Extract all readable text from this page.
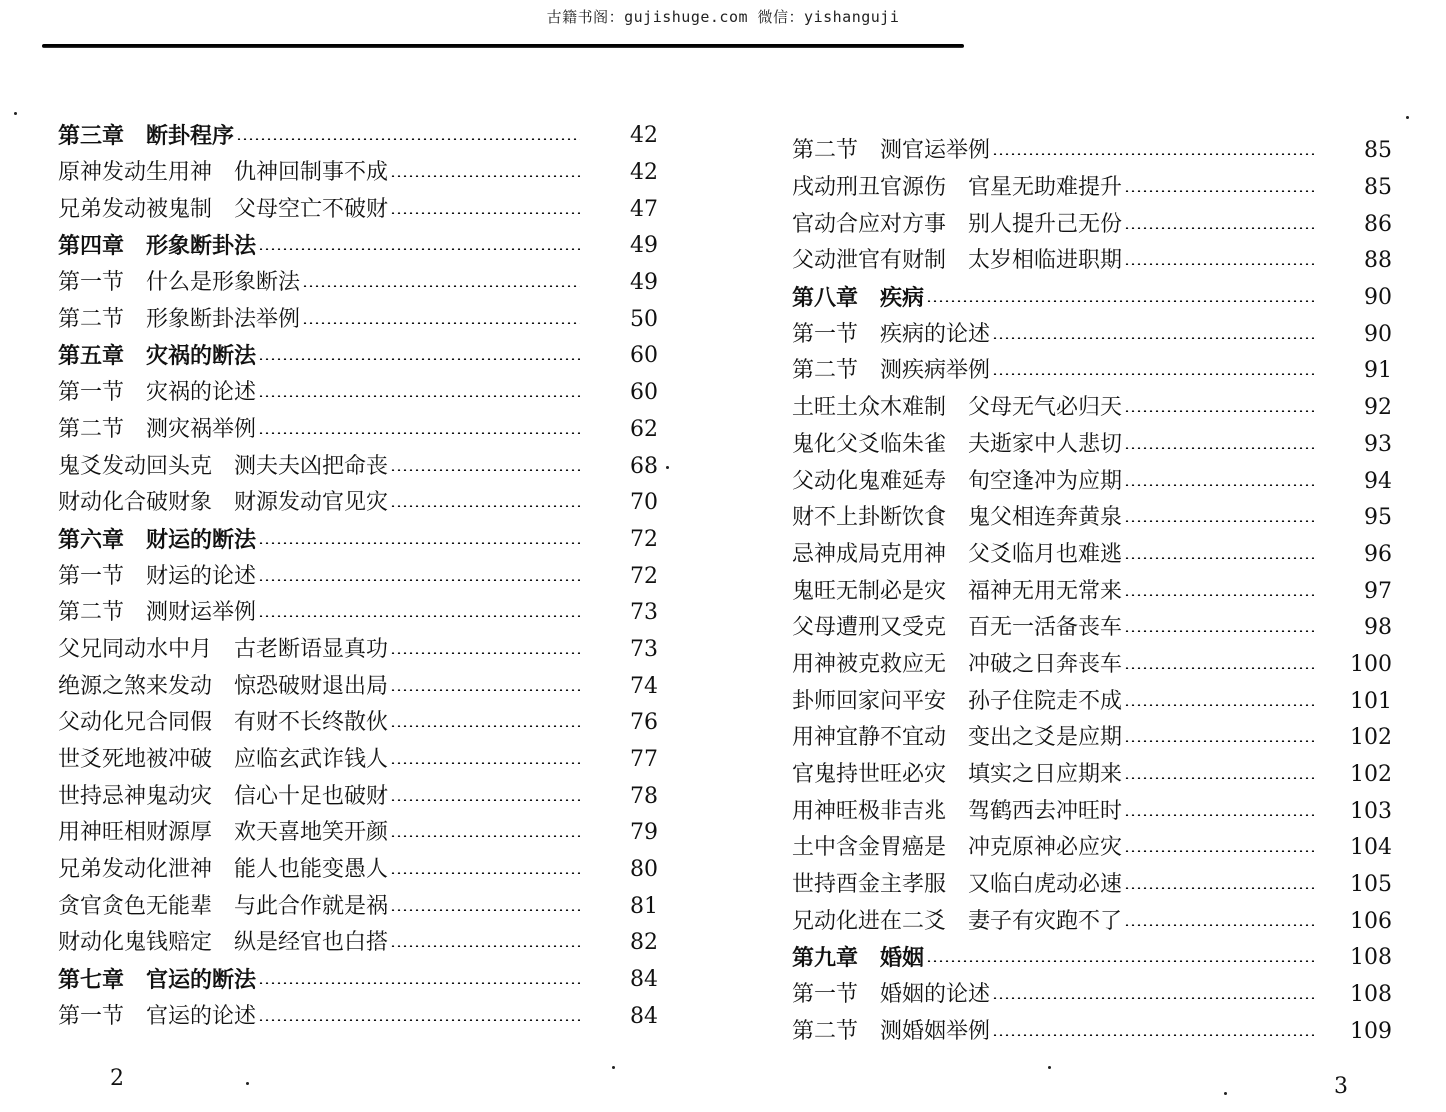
古籍书阁：gujishuge.com 微信：yishanguji
第三章　断卦程序	42
原神发动生用神　仇神回制事不成	42
兄弟发动被鬼制　父母空亡不破财	47
第四章　形象断卦法	49
第一节　什么是形象断法	49
第二节　形象断卦法举例	50
第五章　灾祸的断法	60
第一节　灾祸的论述	60
第二节　测灾祸举例	62
鬼爻发动回头克　测夫夫凶把命丧	68
财动化合破财象　财源发动官见灾	70
第六章　财运的断法	72
第一节　财运的论述	72
第二节　测财运举例	73
父兄同动水中月　古老断语显真功	73
绝源之煞来发动　惊恐破财退出局	74
父动化兄合同假　有财不长终散伙	76
世爻死地被冲破　应临玄武诈钱人	77
世持忌神鬼动灾　信心十足也破财	78
用神旺相财源厚　欢天喜地笑开颜	79
兄弟发动化泄神　能人也能变愚人	80
贪官贪色无能辈　与此合作就是祸	81
财动化鬼钱赔定　纵是经官也白搭	82
第七章　官运的断法	84
第一节　官运的论述	84
第二节　测官运举例	85
戌动刑丑官源伤　官星无助难提升	85
官动合应对方事　别人提升己无份	86
父动泄官有财制　太岁相临进职期	88
第八章　疾病	90
第一节　疾病的论述	90
第二节　测疾病举例	91
土旺土众木难制　父母无气必归天	92
鬼化父爻临朱雀　夫逝家中人悲切	93
父动化鬼难延寿　旬空逢冲为应期	94
财不上卦断饮食　鬼父相连奔黄泉	95
忌神成局克用神　父爻临月也难逃	96
鬼旺无制必是灾　福神无用无常来	97
父母遭刑又受克　百无一活备丧车	98
用神被克救应无　冲破之日奔丧车	100
卦师回家问平安　孙子住院走不成	101
用神宜静不宜动　变出之爻是应期	102
官鬼持世旺必灾　填实之日应期来	102
用神旺极非吉兆　驾鹤西去冲旺时	103
土中含金胃癌是　冲克原神必应灾	104
世持酉金主孝服　又临白虎动必速	105
兄动化进在二爻　妻子有灾跑不了	106
第九章　婚姻	108
第一节　婚姻的论述	108
第二节　测婚姻举例	109
2	3
